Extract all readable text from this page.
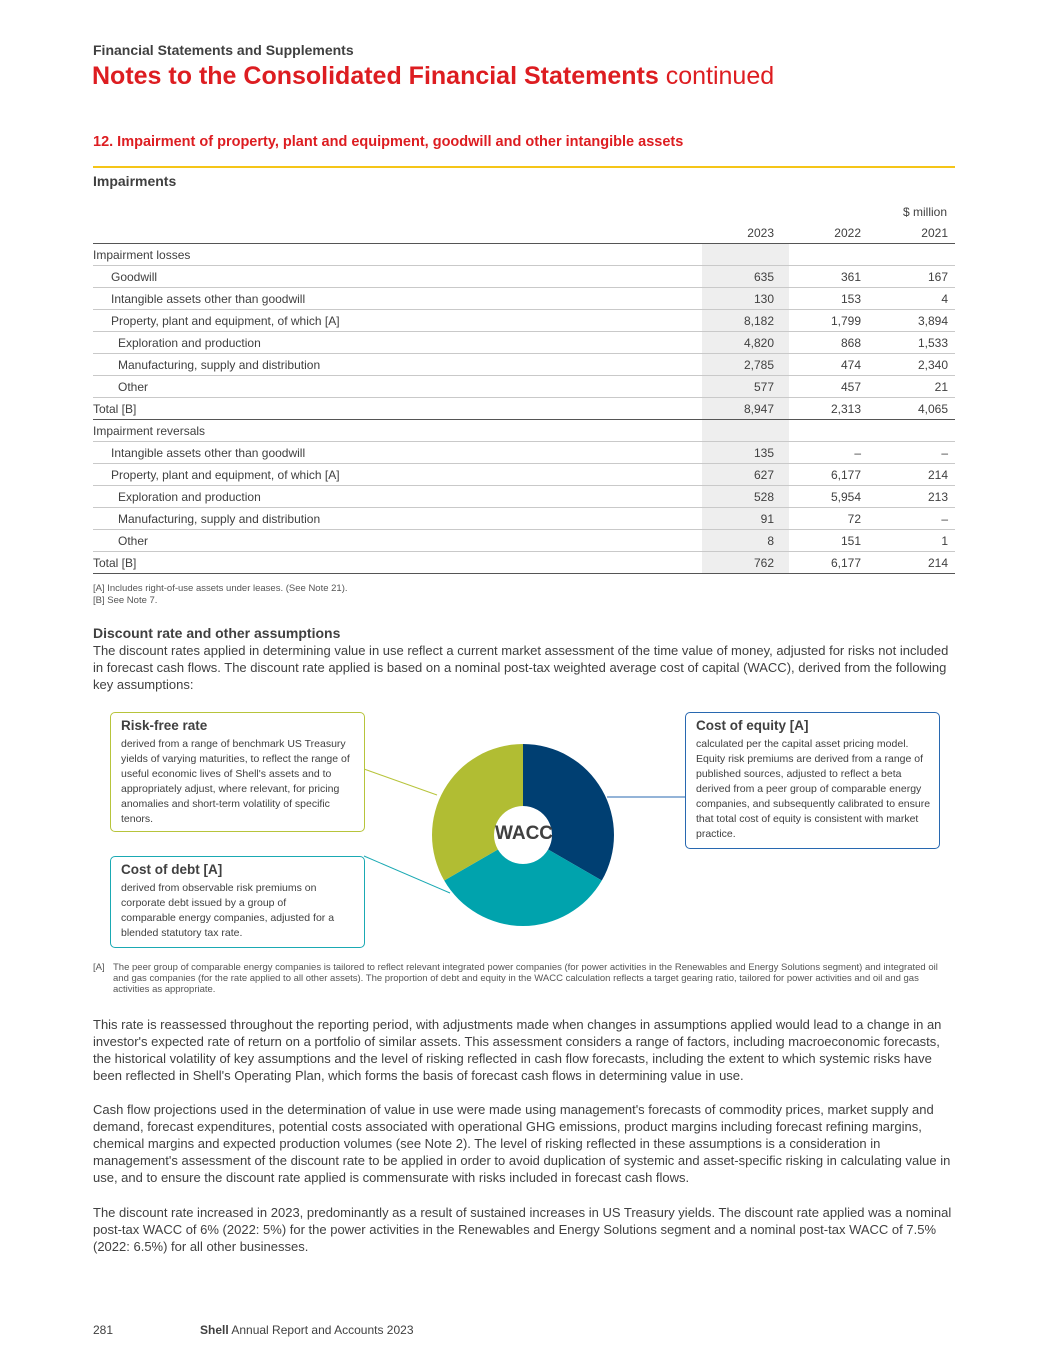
Financial Statements and Supplements
Notes to the Consolidated Financial Statements continued
12. Impairment of property, plant and equipment, goodwill and other intangible assets
Impairments
$ million
	2023	2022	2021
Impairment losses			
Goodwill	635	361	167
Intangible assets other than goodwill	130	153	4
Property, plant and equipment, of which [A]	8,182	1,799	3,894
Exploration and production	4,820	868	1,533
Manufacturing, supply and distribution	2,785	474	2,340
Other	577	457	21
Total [B]	8,947	2,313	4,065
Impairment reversals			
Intangible assets other than goodwill	135	–	–
Property, plant and equipment, of which [A]	627	6,177	214
Exploration and production	528	5,954	213
Manufacturing, supply and distribution	91	72	–
Other	8	151	1
Total [B]	762	6,177	214
[A] Includes right-of-use assets under leases. (See Note 21).
[B] See Note 7.
Discount rate and other assumptions
The discount rates applied in determining value in use reflect a current market assessment of the time value of money, adjusted for risks not included in forecast cash flows. The discount rate applied is based on a nominal post-tax weighted average cost of capital (WACC), derived from the following key assumptions:
WACC
Risk-free rate
derived from a range of benchmark US Treasury yields of varying maturities, to reflect the range of useful economic lives of Shell's assets and to appropriately adjust, where relevant, for pricing anomalies and short-term volatility of specific tenors.
Cost of debt [A]
derived from observable risk premiums on corporate debt issued by a group of comparable energy companies, adjusted for a blended statutory tax rate.
Cost of equity [A]
calculated per the capital asset pricing model. Equity risk premiums are derived from a range of published sources, adjusted to reflect a beta derived from a peer group of comparable energy companies, and subsequently calibrated to ensure that total cost of equity is consistent with market practice.
[A] The peer group of comparable energy companies is tailored to reflect relevant integrated power companies (for power activities in the Renewables and Energy Solutions segment) and integrated oil and gas companies (for the rate applied to all other assets). The proportion of debt and equity in the WACC calculation reflects a target gearing ratio, tailored for power activities and oil and gas activities as appropriate.
This rate is reassessed throughout the reporting period, with adjustments made when changes in assumptions applied would lead to a change in an investor's expected rate of return on a portfolio of similar assets. This assessment considers a range of factors, including macroeconomic forecasts, the historical volatility of key assumptions and the level of risking reflected in cash flow forecasts, including the extent to which systemic risks have been reflected in Shell's Operating Plan, which forms the basis of forecast cash flows in determining value in use.
Cash flow projections used in the determination of value in use were made using management's forecasts of commodity prices, market supply and demand, forecast expenditures, potential costs associated with operational GHG emissions, product margins including forecast refining margins, chemical margins and expected production volumes (see Note 2). The level of risking reflected in these assumptions is a consideration in management's assessment of the discount rate to be applied in order to avoid duplication of systemic and asset-specific risking in calculating value in use, and to ensure the discount rate applied is commensurate with risks included in forecast cash flows.
The discount rate increased in 2023, predominantly as a result of sustained increases in US Treasury yields. The discount rate applied was a nominal post-tax WACC of 6% (2022: 5%) for the power activities in the Renewables and Energy Solutions segment and a nominal post-tax WACC of 7.5% (2022: 6.5%) for all other businesses.
281	Shell Annual Report and Accounts 2023
